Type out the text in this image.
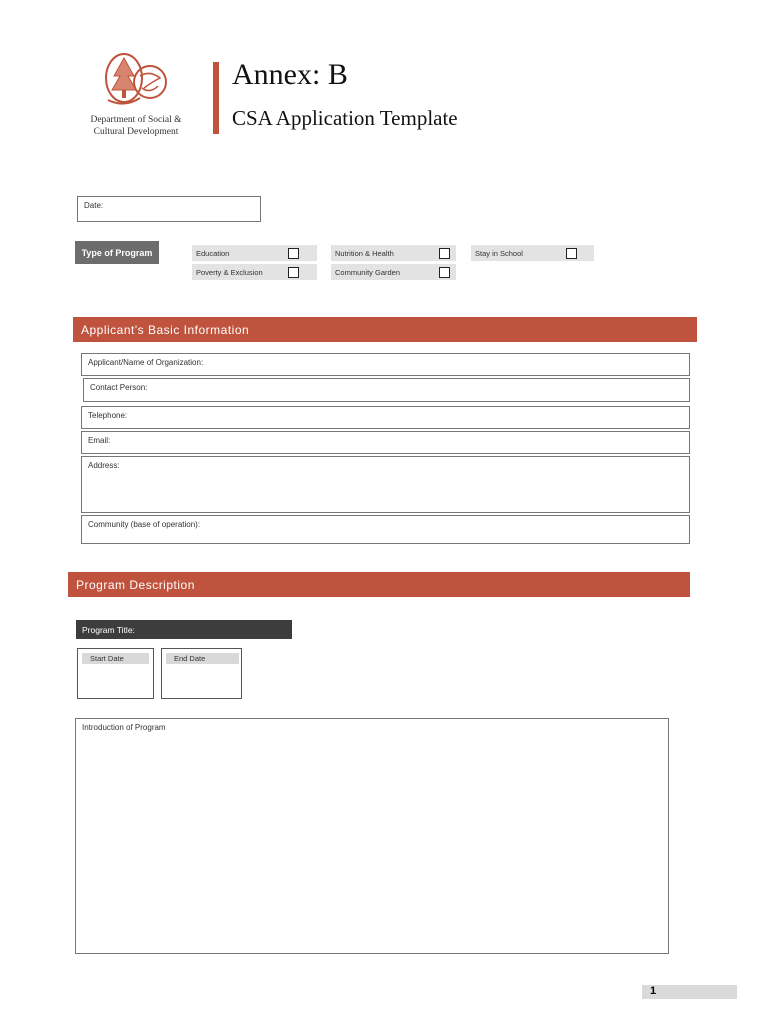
Department of Social & Cultural Development
Annex: B
CSA Application Template
Date:
Type of Program	Education	Nutrition & Health	Stay in School
Poverty & Exclusion	Community Garden
Applicant's Basic Information
Applicant/Name of Organization:
Contact Person:
Telephone:
Email:
Address:
Community (base of operation):
Program Description
Program Title:
Start Date	End Date
Introduction of Program
1
